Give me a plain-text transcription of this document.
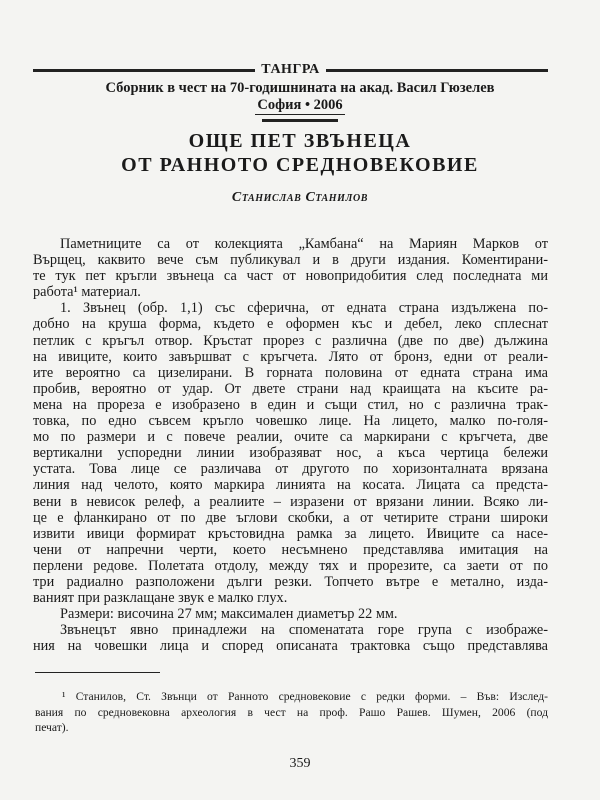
ТАНГРА
Сборник в чест на 70-годишнината на акад. Васил Гюзелев
София • 2006
ОЩЕ ПЕТ ЗВЪНЕЦА
ОТ РАННОТО СРЕДНОВЕКОВИЕ
Станислав Станилов
Паметниците са от колекцията „Камбана“ на Мариян Марков от
Върщец, каквито вече съм публикувал и в други издания. Коментирани-
те тук пет кръгли звънеца са част от новопридобития след последната ми
работа¹ материал.
1. Звънец (обр. 1,1) със сферична, от едната страна издължена по-
добно на круша форма, където е оформен къс и дебел, леко сплеснат
петлик с кръгъл отвор. Кръстат прорез с различна (две по две) дължина
на ивиците, които завършват с кръгчета. Лято от бронз, едни от реали-
ите вероятно са цизелирани. В горната половина от едната страна има
пробив, вероятно от удар. От двете страни над краищата на късите ра-
мена на прореза е изобразено в един и същи стил, но с различна трак-
товка, по едно съвсем кръгло човешко лице. На лицето, малко по-голя-
мо по размери и с повече реалии, очите са маркирани с кръгчета, две
вертикални успоредни линии изобразяват нос, а къса чертица бележи
устата. Това лице се различава от другото по хоризонталната врязана
линия над челото, която маркира линията на косата. Лицата са предста-
вени в невисок релеф, а реалиите – изразени от врязани линии. Всяко ли-
це е фланкирано от по две ъглови скобки, а от четирите страни широки
извити ивици формират кръстовидна рамка за лицето. Ивиците са насе-
чени от напречни черти, което несъмнено представлява имитация на
перлени редове. Полетата отдолу, между тях и прорезите, са заети от по
три радиално разположени дълги резки. Топчето вътре е метално, изда-
ваният при разклащане звук е малко глух.
Размери: височина 27 мм; максимален диаметър 22 мм.
Звънецът явно принадлежи на споменатата горе група с изображе-
ния на човешки лица и според описаната трактовка също представлява
¹ Станилов, Ст. Звънци от Ранното средновековие с редки форми. – Във: Изслед-
вания по средновековна археология в чест на проф. Рашо Рашев. Шумен, 2006 (под
печат).
359
